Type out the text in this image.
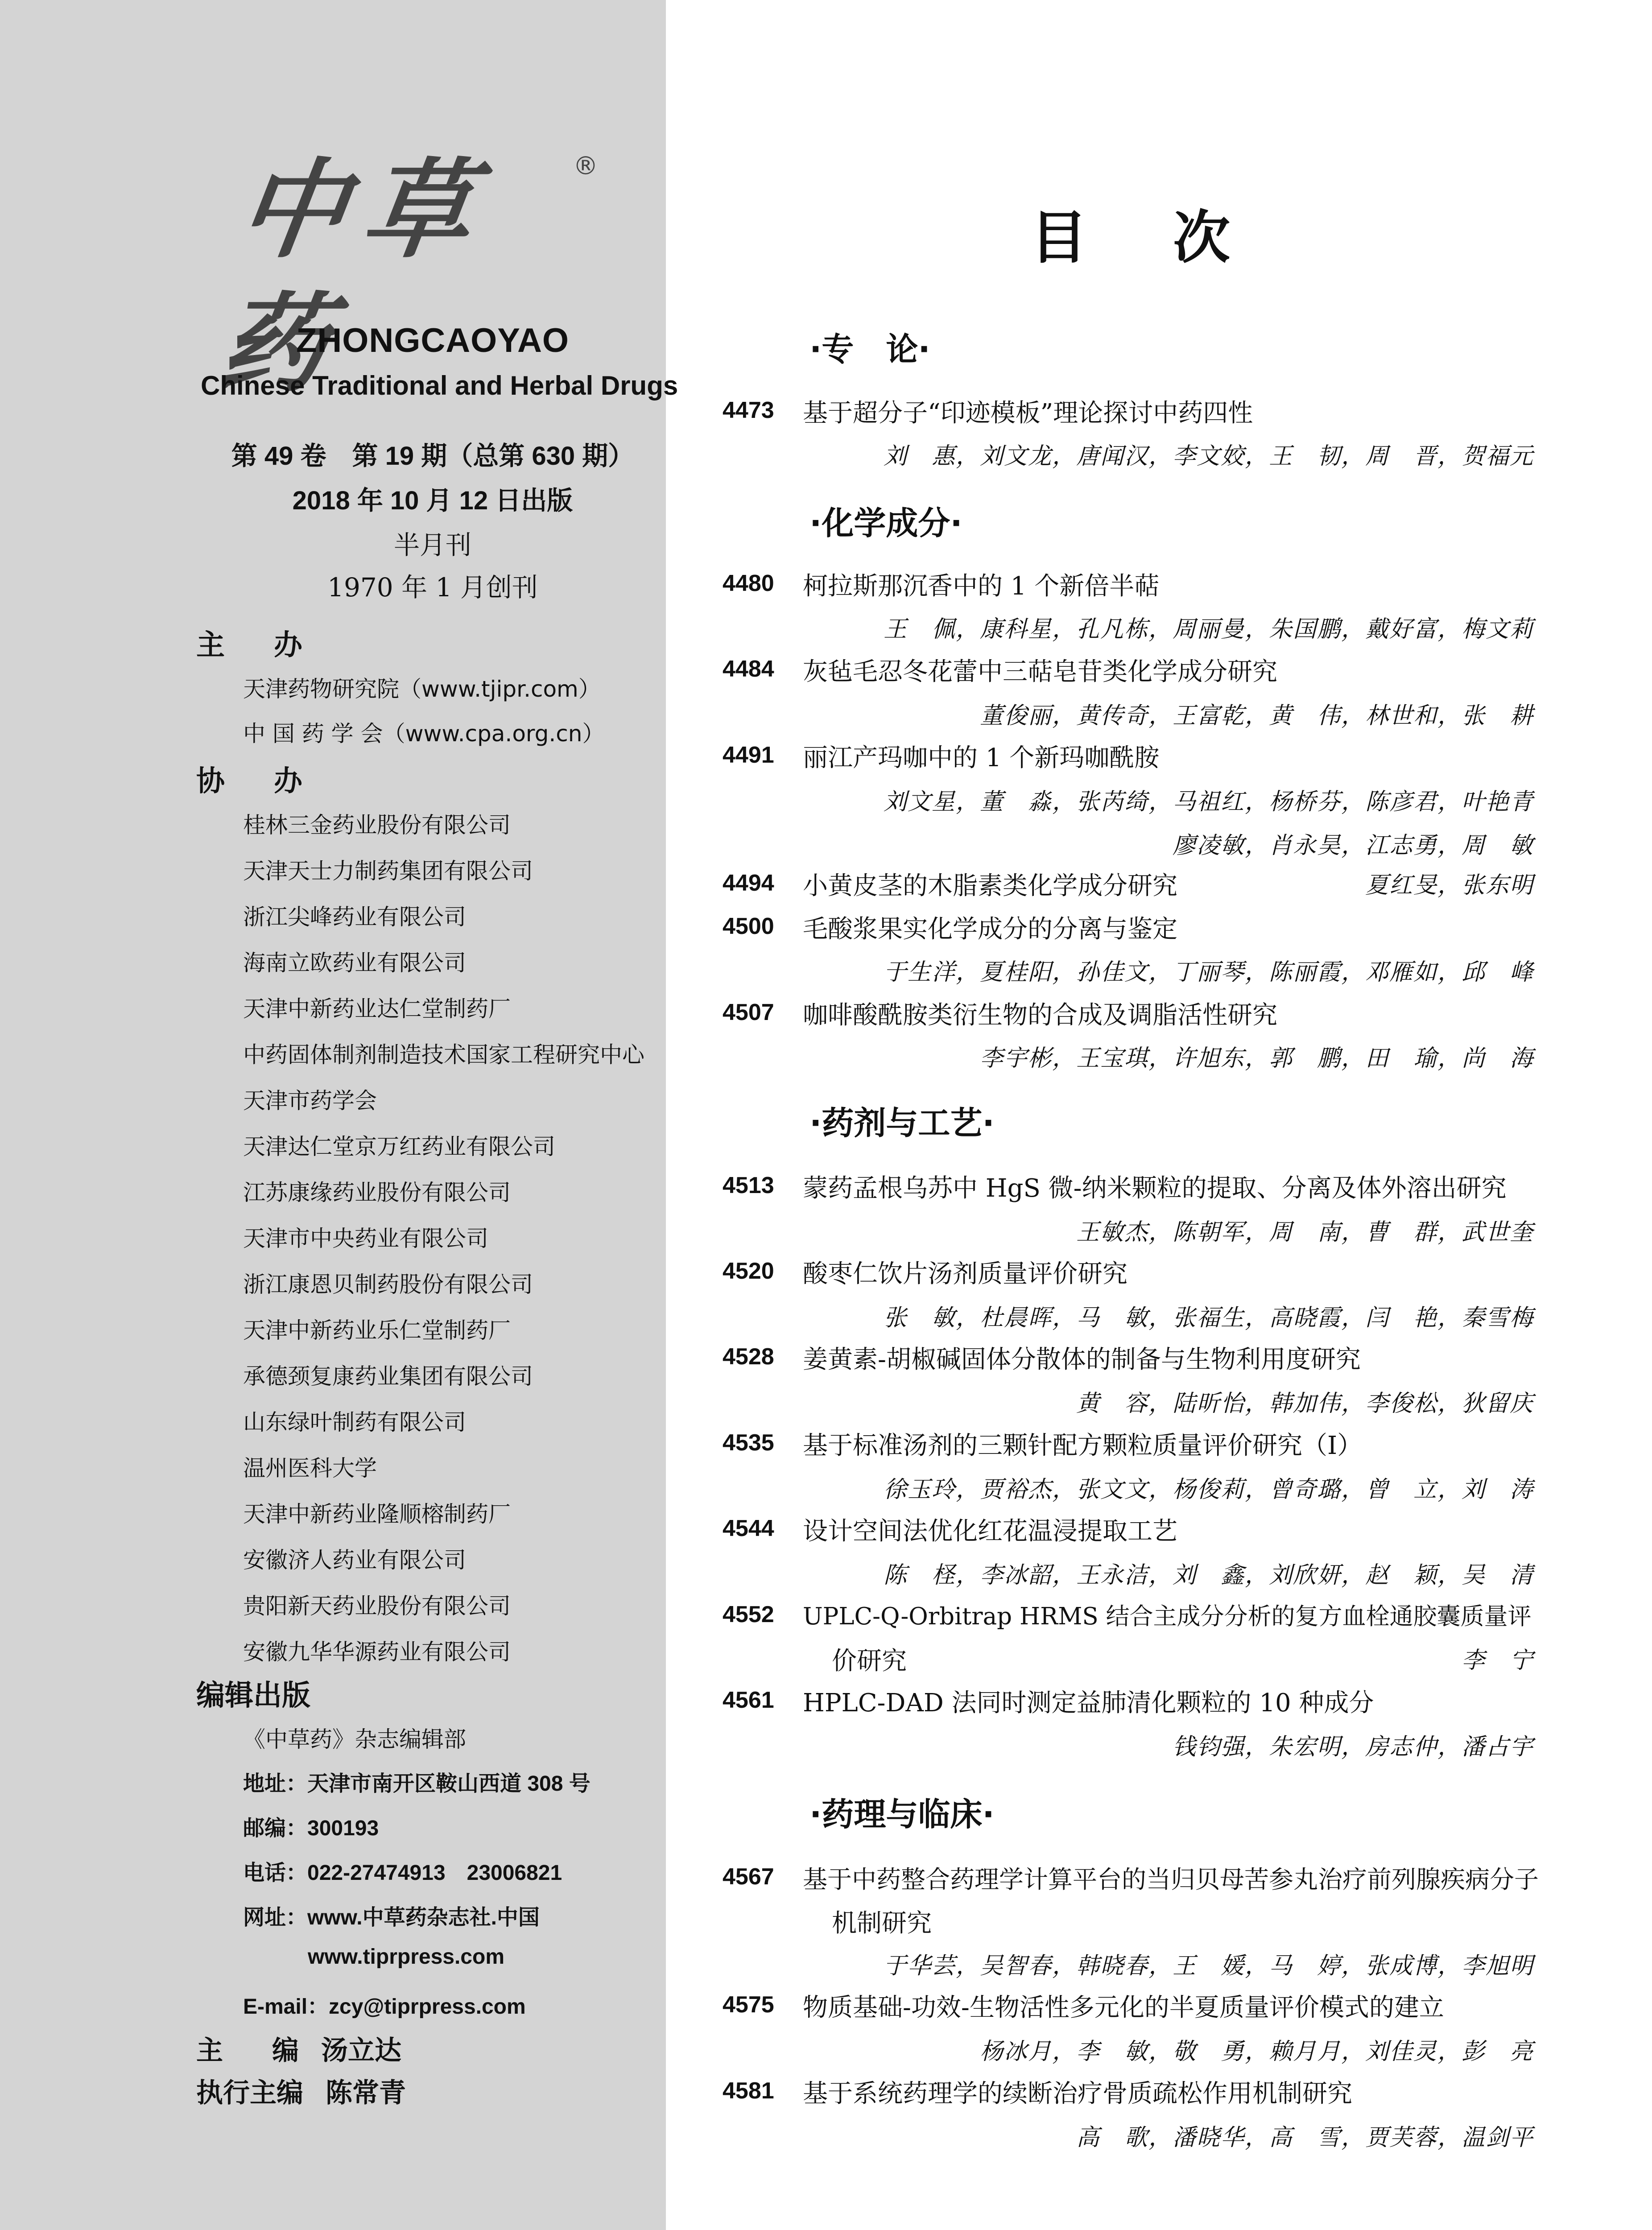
中草药
®
ZHONGCAOYAO
Chinese Traditional and Herbal Drugs
第 49 卷　第 19 期（总第 630 期）
2018 年 10 月 12 日出版
半月刊
1970 年 1 月创刊
主 办
天津药物研究院（www.tjipr.com）
中 国 药 学 会（www.cpa.org.cn）
协 办
桂林三金药业股份有限公司
天津天士力制药集团有限公司
浙江尖峰药业有限公司
海南立欧药业有限公司
天津中新药业达仁堂制药厂
中药固体制剂制造技术国家工程研究中心
天津市药学会
天津达仁堂京万红药业有限公司
江苏康缘药业股份有限公司
天津市中央药业有限公司
浙江康恩贝制药股份有限公司
天津中新药业乐仁堂制药厂
承德颈复康药业集团有限公司
山东绿叶制药有限公司
温州医科大学
天津中新药业隆顺榕制药厂
安徽济人药业有限公司
贵阳新天药业股份有限公司
安徽九华华源药业有限公司
编辑出版
《中草药》杂志编辑部
地址：天津市南开区鞍山西道 308 号
邮编：300193
电话：022-27474913　23006821
网址：www.中草药杂志社.中国
www.tiprpress.com
E-mail：zcy@tiprpress.com
主 编 汤立达
执行主编 陈常青
目 次
·专　论·
4473 基于超分子“印迹模板”理论探讨中药四性
刘　惠，刘文龙，唐闻汉，李文姣，王　韧，周　晋，贺福元
·化学成分·
4480 柯拉斯那沉香中的 1 个新倍半萜
王　佩，康科星，孔凡栋，周丽曼，朱国鹏，戴好富，梅文莉
4484 灰毡毛忍冬花蕾中三萜皂苷类化学成分研究
董俊丽，黄传奇，王富乾，黄　伟，林世和，张　耕
4491 丽江产玛咖中的 1 个新玛咖酰胺
刘文星，董　淼，张芮绮，马祖红，杨桥芬，陈彦君，叶艳青
廖凌敏，肖永昊，江志勇，周　敏
4494 小黄皮茎的木脂素类化学成分研究	夏红旻，张东明
4500 毛酸浆果实化学成分的分离与鉴定
于生洋，夏桂阳，孙佳文，丁丽琴，陈丽霞，邓雁如，邱　峰
4507 咖啡酸酰胺类衍生物的合成及调脂活性研究
李宇彬，王宝琪，许旭东，郭　鹏，田　瑜，尚　海
·药剂与工艺·
4513 蒙药孟根乌苏中 HgS 微-纳米颗粒的提取、分离及体外溶出研究
王敏杰，陈朝军，周　南，曹　群，武世奎
4520 酸枣仁饮片汤剂质量评价研究
张　敏，杜晨晖，马　敏，张福生，高晓霞，闫　艳，秦雪梅
4528 姜黄素-胡椒碱固体分散体的制备与生物利用度研究
黄　容，陆昕怡，韩加伟，李俊松，狄留庆
4535 基于标准汤剂的三颗针配方颗粒质量评价研究（I）
徐玉玲，贾裕杰，张文文，杨俊莉，曾奇璐，曾　立，刘　涛
4544 设计空间法优化红花温浸提取工艺
陈　柽，李冰韶，王永洁，刘　鑫，刘欣妍，赵　颖，吴　清
4552 UPLC-Q-Orbitrap HRMS 结合主成分分析的复方血栓通胶囊质量评
价研究	李　宁
4561 HPLC-DAD 法同时测定益肺清化颗粒的 10 种成分
钱钧强，朱宏明，房志仲，潘占宇
·药理与临床·
4567 基于中药整合药理学计算平台的当归贝母苦参丸治疗前列腺疾病分子
机制研究
于华芸，吴智春，韩晓春，王　媛，马　婷，张成博，李旭明
4575 物质基础-功效-生物活性多元化的半夏质量评价模式的建立
杨冰月，李　敏，敬　勇，赖月月，刘佳灵，彭　亮
4581 基于系统药理学的续断治疗骨质疏松作用机制研究
高　歌，潘晓华，高　雪，贾芙蓉，温剑平
